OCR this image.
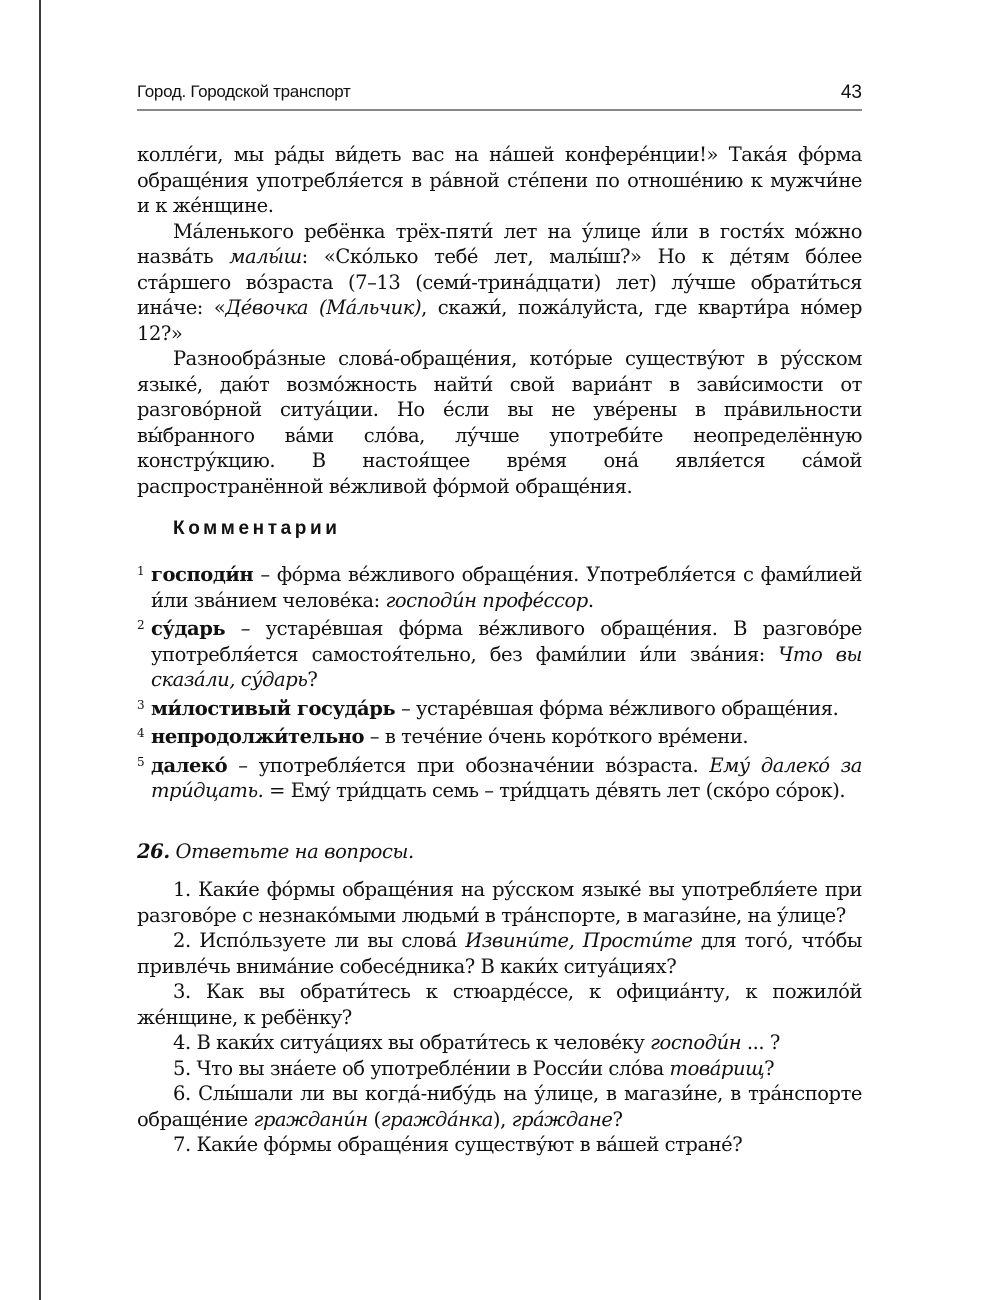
Город. Городской транспорт	43

колле́ги, мы ра́ды ви́деть вас на на́шей конфере́нции!» Така́я фо́рма обраще́ния употребля́ется в ра́вной сте́пени по отноше́нию к мужчи́не и к же́нщине.

Ма́ленького ребёнка трёх-пяти́ лет на у́лице и́ли в гостя́х мо́жно назва́ть малы́ш: «Ско́лько тебе́ лет, малы́ш?» Но к де́тям бо́лее ста́ршего во́зраста (7–13 (семи́-трина́дцати) лет) лу́чше обрати́ться ина́че: «Де́вочка (Ма́льчик), скажи́, пожа́луйста, где кварти́ра но́мер 12?»

Разнообра́зные слова́-обраще́ния, кото́рые существу́ют в ру́сском языке́, даю́т возмо́жность найти́ свой вариа́нт в зави́симости от разгово́рной ситуа́ции. Но е́сли вы не уве́рены в пра́вильности вы́бранного ва́ми сло́ва, лу́чше употреби́те неопределённую констру́кцию. В настоя́щее вре́мя она́ явля́ется са́мой распространённой ве́жливой фо́рмой обраще́ния.

Комментарии

$^1$ господи́н – фо́рма ве́жливого обраще́ния. Употребля́ется с фами́лией и́ли зва́нием челове́ка: господи́н профе́ссор.

$^2$ су́дарь – устаре́вшая фо́рма ве́жливого обраще́ния. В разгово́ре употребля́ется самостоя́тельно, без фами́лии и́ли зва́ния: Что вы сказа́ли, су́дарь?

$^3$ ми́лостивый госуда́рь – устаре́вшая фо́рма ве́жливого обраще́ния.

$^4$ непродолжи́тельно – в тече́ние о́чень коро́ткого вре́мени.

$^5$ далеко́ – употребля́ется при обозначе́нии во́зраста. Ему́ далеко́ за три́дцать. = Ему́ три́дцать семь – три́дцать де́вять лет (ско́ро со́рок).

26. Ответьте на вопросы.

1. Каки́е фо́рмы обраще́ния на ру́сском языке́ вы употребля́ете при разгово́ре с незнако́мыми людьми́ в тра́нспорте, в магази́не, на у́лице?

2. Испо́льзуете ли вы слова́ Извини́те, Прости́те для того́, что́бы привле́чь внима́ние собесе́дника? В каки́х ситуа́циях?

3. Как вы обрати́тесь к стюарде́ссе, к официа́нту, к пожило́й же́нщине, к ребёнку?

4. В каки́х ситуа́циях вы обрати́тесь к челове́ку господи́н ... ?

5. Что вы зна́ете об употребле́нии в Росси́и сло́ва това́рищ?

6. Слы́шали ли вы когда́-нибу́дь на у́лице, в магази́не, в тра́нспорте обраще́ние граждани́н (гражда́нка), гра́ждане?

7. Каки́е фо́рмы обраще́ния существу́ют в ва́шей стране́?
